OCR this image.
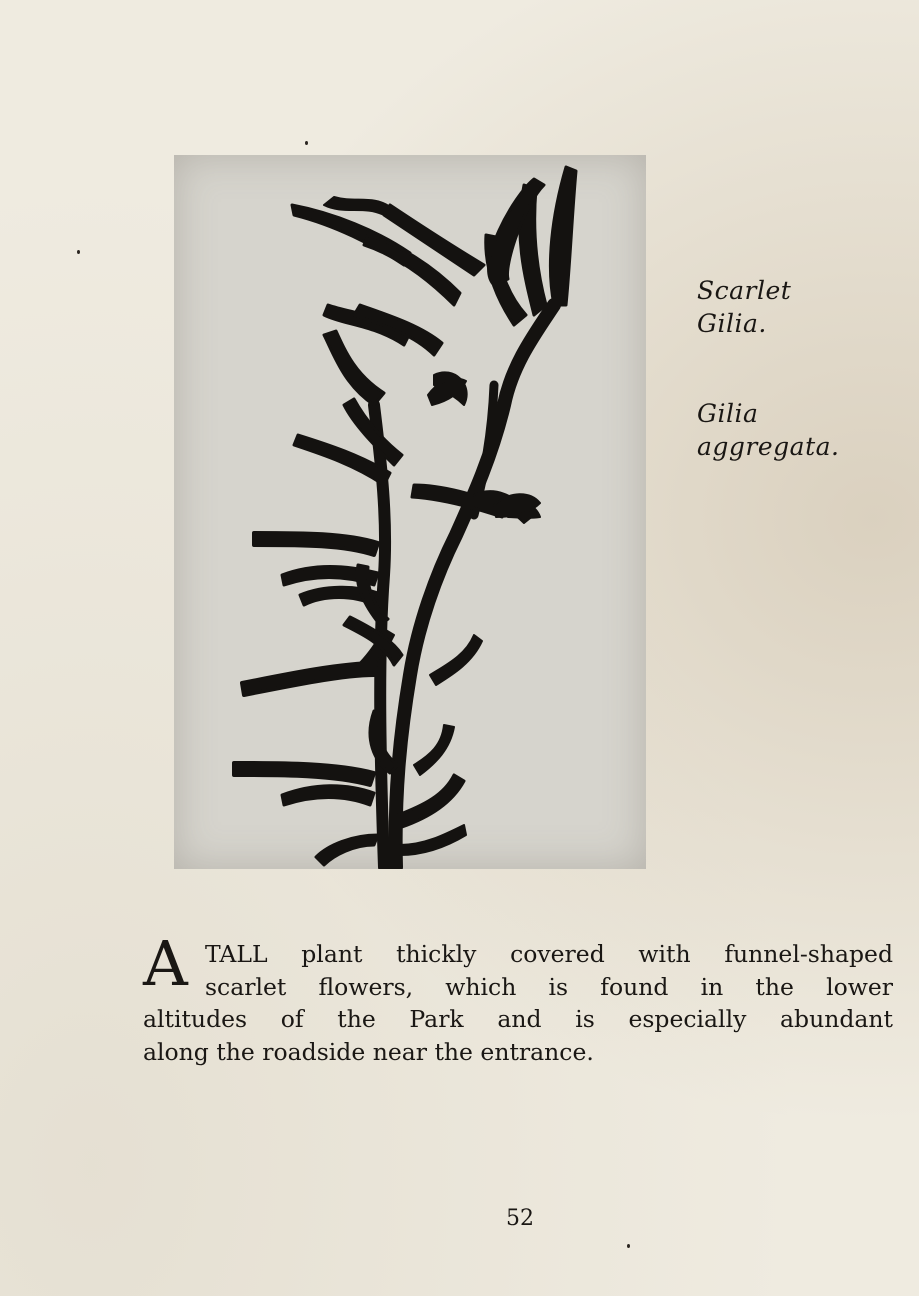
Scarlet
Gilia.
Gilia
aggregata.
A TALL plant thickly covered with funnel-shaped
scarlet flowers, which is found in the lower
altitudes of the Park and is especially abundant
along the roadside near the entrance.
52
